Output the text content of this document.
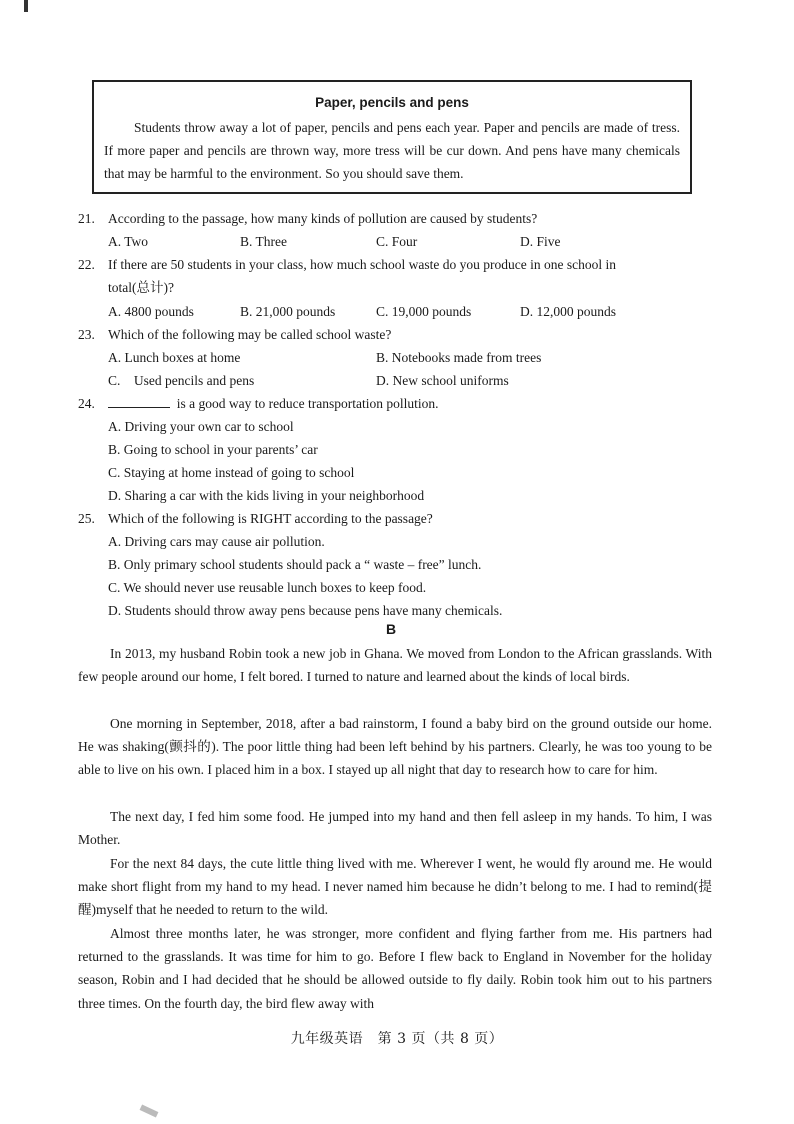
Paper, pencils and pens

Students throw away a lot of paper, pencils and pens each year. Paper and pencils are made of tress. If more paper and pencils are thrown way, more tress will be cur down. And pens have many chemicals that may be harmful to the environment. So you should save them.

21. According to the passage, how many kinds of pollution are caused by students?
A. Two	B. Three	C. Four	D. Five
22. If there are 50 students in your class, how much school waste do you produce in one school in
total(总计)?
A. 4800 pounds	B. 21,000 pounds	C. 19,000 pounds	D. 12,000 pounds
23. Which of the following may be called school waste?
A. Lunch boxes at home	B. Notebooks made from trees
C.    Used pencils and pens	D. New school uniforms
24.	is a good way to reduce transportation pollution.
A. Driving your own car to school
B. Going to school in your parents’ car
C. Staying at home instead of going to school
D. Sharing a car with the kids living in your neighborhood
25. Which of the following is RIGHT according to the passage?
A. Driving cars may cause air pollution.
B. Only primary school students should pack a “ waste – free” lunch.
C. We should never use reusable lunch boxes to keep food.
D. Students should throw away pens because pens have many chemicals.
B

In 2013, my husband Robin took a new job in Ghana. We moved from London to the African grasslands. With few people around our home, I felt bored. I turned to nature and learned about the kinds of local birds.

One morning in September, 2018, after a bad rainstorm, I found a baby bird on the ground outside our home. He was shaking(颤抖的). The poor little thing had been left behind by his partners. Clearly, he was too young to be able to live on his own. I placed him in a box. I stayed up all night that day to research how to care for him.

The next day, I fed him some food. He jumped into my hand and then fell asleep in my hands. To him, I was Mother.

For the next 84 days, the cute little thing lived with me. Wherever I went, he would fly around me. He would make short flight from my hand to my head. I never named him because he didn’t belong to me. I had to remind(提醒)myself that he needed to return to the wild.

Almost three months later, he was stronger, more confident and flying farther from me. His partners had returned to the grasslands. It was time for him to go. Before I flew back to England in November for the holiday season, Robin and I had decided that he should be allowed outside to fly daily. Robin took him out to his partners three times. On the fourth day, the bird flew away with

九年级英语　第 3 页（共 8 页）
